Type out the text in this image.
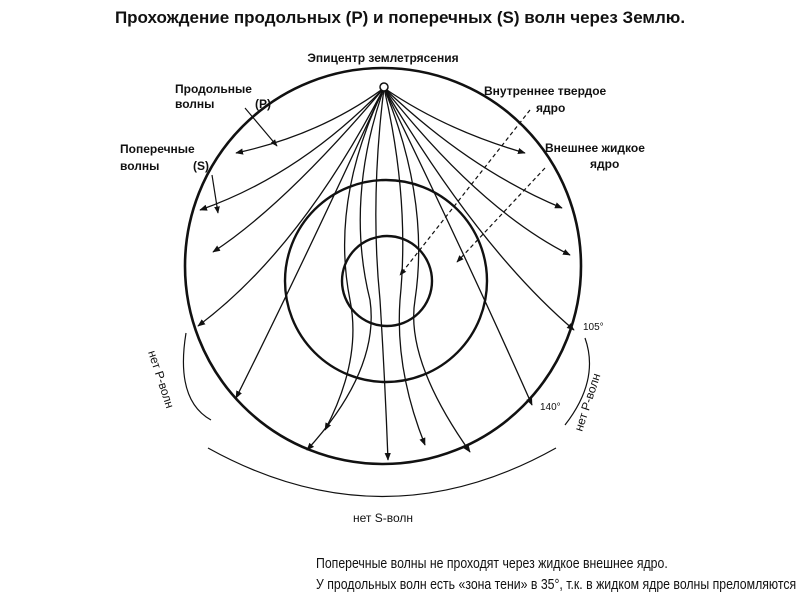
Эпицентр землетрясения
Продольные
волны	(Р)
Поперечные
волны	(S)
Внутреннее твердое
ядро
Внешнее жидкое
ядро
105°
140°
нет Р-волн	нет Р-волн
нет S-волн
Прохождение продольных (Р) и поперечных (S) волн через Землю.
Поперечные волны не проходят через жидкое внешнее ядро.
У продольных волн есть «зона тени» в 35°, т.к. в жидком ядре волны преломляются
